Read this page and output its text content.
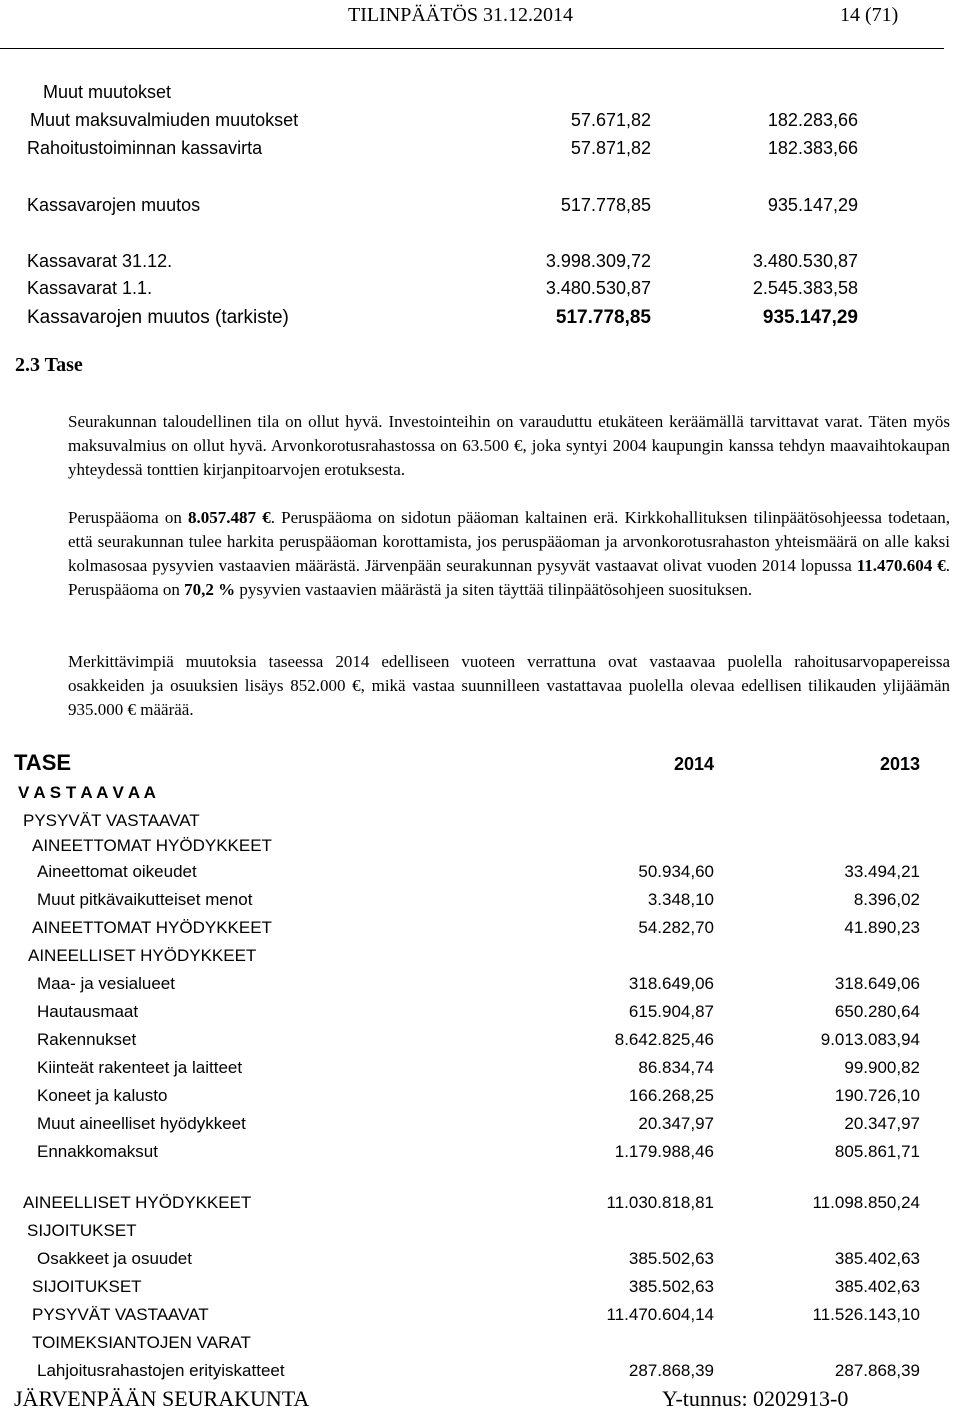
TILINPÄÄTÖS 31.12.2014	14 (71)
Muut muutokset
Muut maksuvalmiuden muutokset	57.671,82	182.283,66
Rahoitustoiminnan kassavirta	57.871,82	182.383,66
Kassavarojen muutos	517.778,85	935.147,29
Kassavarat 31.12.	3.998.309,72	3.480.530,87
Kassavarat 1.1.	3.480.530,87	2.545.383,58
Kassavarojen muutos (tarkiste)	517.778,85	935.147,29
2.3 Tase

Seurakunnan taloudellinen tila on ollut hyvä. Investointeihin on varauduttu etukäteen keräämällä tarvittavat varat. Täten myös maksuvalmius on ollut hyvä. Arvonkorotusrahastossa on 63.500 €, joka syntyi 2004 kaupungin kanssa tehdyn maavaihtokaupan yhteydessä tonttien kirjanpitoarvojen erotuksesta.

Peruspääoma on 8.057.487 €. Peruspääoma on sidotun pääoman kaltainen erä. Kirkkohallituksen tilinpäätösohjeessa todetaan, että seurakunnan tulee harkita peruspääoman korottamista, jos peruspääoman ja arvonkorotusrahaston yhteismäärä on alle kaksi kolmasosaa pysyvien vastaavien määrästä. Järvenpään seurakunnan pysyvät vastaavat olivat vuoden 2014 lopussa 11.470.604 €. Peruspääoma on 70,2 % pysyvien vastaavien määrästä ja siten täyttää tilinpäätösohjeen suosituksen.

Merkittävimpiä muutoksia taseessa 2014 edelliseen vuoteen verrattuna ovat vastaavaa puolella rahoitusarvopapereissa osakkeiden ja osuuksien lisäys 852.000 €, mikä vastaa suunnilleen vastattavaa puolella olevaa edellisen tilikauden ylijäämän 935.000 € määrää.

TASE	2014	2013
V A S T A A V A A
PYSYVÄT VASTAAVAT
AINEETTOMAT HYÖDYKKEET
Aineettomat oikeudet	50.934,60	33.494,21
Muut pitkävaikutteiset menot	3.348,10	8.396,02
AINEETTOMAT HYÖDYKKEET	54.282,70	41.890,23
AINEELLISET HYÖDYKKEET
Maa- ja vesialueet	318.649,06	318.649,06
Hautausmaat	615.904,87	650.280,64
Rakennukset	8.642.825,46	9.013.083,94
Kiinteät rakenteet ja laitteet	86.834,74	99.900,82
Koneet ja kalusto	166.268,25	190.726,10
Muut aineelliset hyödykkeet	20.347,97	20.347,97
Ennakkomaksut	1.179.988,46	805.861,71
AINEELLISET HYÖDYKKEET	11.030.818,81	11.098.850,24
SIJOITUKSET
Osakkeet ja osuudet	385.502,63	385.402,63
SIJOITUKSET	385.502,63	385.402,63
PYSYVÄT VASTAAVAT	11.470.604,14	11.526.143,10
TOIMEKSIANTOJEN VARAT
Lahjoitusrahastojen erityiskatteet	287.868,39	287.868,39
JÄRVENPÄÄN SEURAKUNTA	Y-tunnus: 0202913-0
